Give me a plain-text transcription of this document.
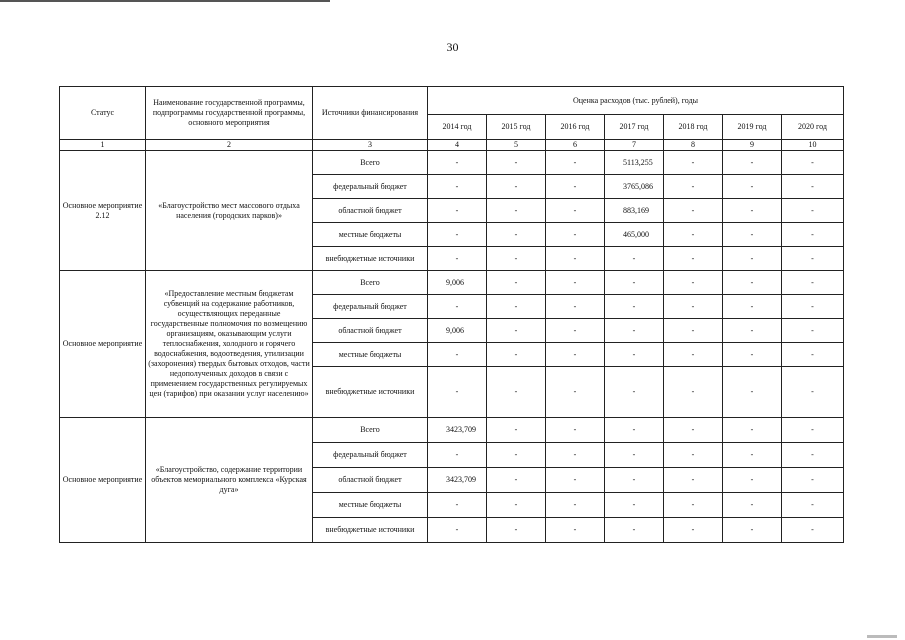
30
Статус	Наименование государственной программы, подпрограммы государственной программы, основного мероприятия	Источники финансирования	Оценка расходов (тыс. рублей), годы						
			2014 год	2015 год	2016 год	2017 год	2018 год	2019 год	2020 год
1	2	3	4	5	6	7	8	9	10
Основное мероприятие 2.12	«Благоустройство мест массового отдыха населения (городских парков)»	Всего	-	-	-	5113,255	-	-	-
		федеральный бюджет	-	-	-	3765,086	-	-	-
		областной бюджет	-	-	-	883,169	-	-	-
		местные бюджеты	-	-	-	465,000	-	-	-
		внебюджетные источники	-	-	-	-	-	-	-
Основное мероприятие	«Предоставление местным бюджетам субвенций на содержание работников, осуществляющих переданные государственные полномочия по возмещению организациям, оказывающим услуги теплоснабжения, холодного и горячего водоснабжения, водоотведения, утилизации (захоронения) твердых бытовых отходов, части недополученных доходов в связи с применением государственных регулируемых цен (тарифов) при оказании услуг населению»	Всего	9,006	-	-	-	-	-	-
		федеральный бюджет	-	-	-	-	-	-	-
		областной бюджет	9,006	-	-	-	-	-	-
		местные бюджеты	-	-	-	-	-	-	-
		внебюджетные источники	-	-	-	-	-	-	-
Основное мероприятие	«Благоустройство, содержание территории объектов мемориального комплекса «Курская дуга»	Всего	3423,709	-	-	-	-	-	-
		федеральный бюджет	-	-	-	-	-	-	-
		областной бюджет	3423,709	-	-	-	-	-	-
		местные бюджеты	-	-	-	-	-	-	-
		внебюджетные источники	-	-	-	-	-	-	-
